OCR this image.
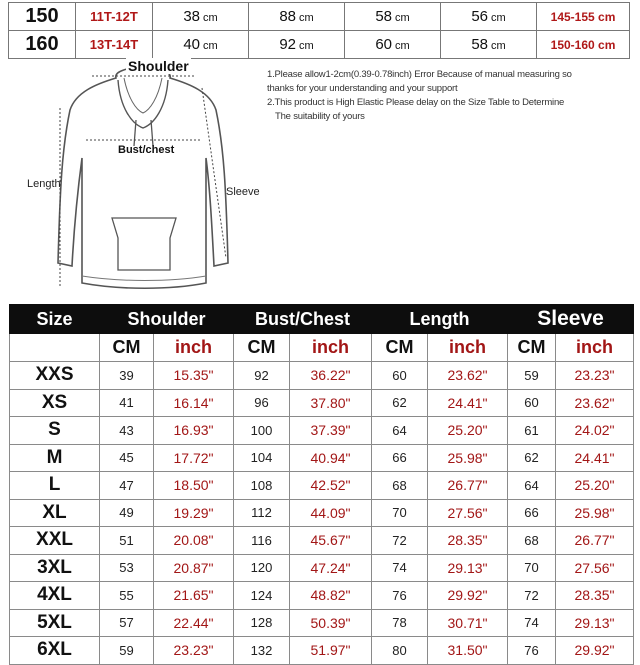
150	11T-12T	38 cm	88 cm	58 cm	56 cm	145-155 cm
160	13T-14T	40 cm	92 cm	60 cm	58 cm	150-160 cm
Shoulder
Bust/chest
Length
Sleeve

1.Please allow1-2cm(0.39-0.78inch) Error Because of manual measuring so

thanks for your understanding and your support

2.This product is High Elastic Please delay on the Size Table to Determine

The suitability of yours

Size	Shoulder		Bust/Chest		Length		Sleeve	
	CM	inch	CM	inch	CM	inch	CM	inch
XXS	39	15.35"	92	36.22"	60	23.62"	59	23.23"
XS	41	16.14"	96	37.80"	62	24.41"	60	23.62"
S	43	16.93"	100	37.39"	64	25.20"	61	24.02"
M	45	17.72"	104	40.94"	66	25.98"	62	24.41"
L	47	18.50"	108	42.52"	68	26.77"	64	25.20"
XL	49	19.29"	112	44.09"	70	27.56"	66	25.98"
XXL	51	20.08"	116	45.67"	72	28.35"	68	26.77"
3XL	53	20.87"	120	47.24"	74	29.13"	70	27.56"
4XL	55	21.65"	124	48.82"	76	29.92"	72	28.35"
5XL	57	22.44"	128	50.39"	78	30.71"	74	29.13"
6XL	59	23.23"	132	51.97"	80	31.50"	76	29.92"
